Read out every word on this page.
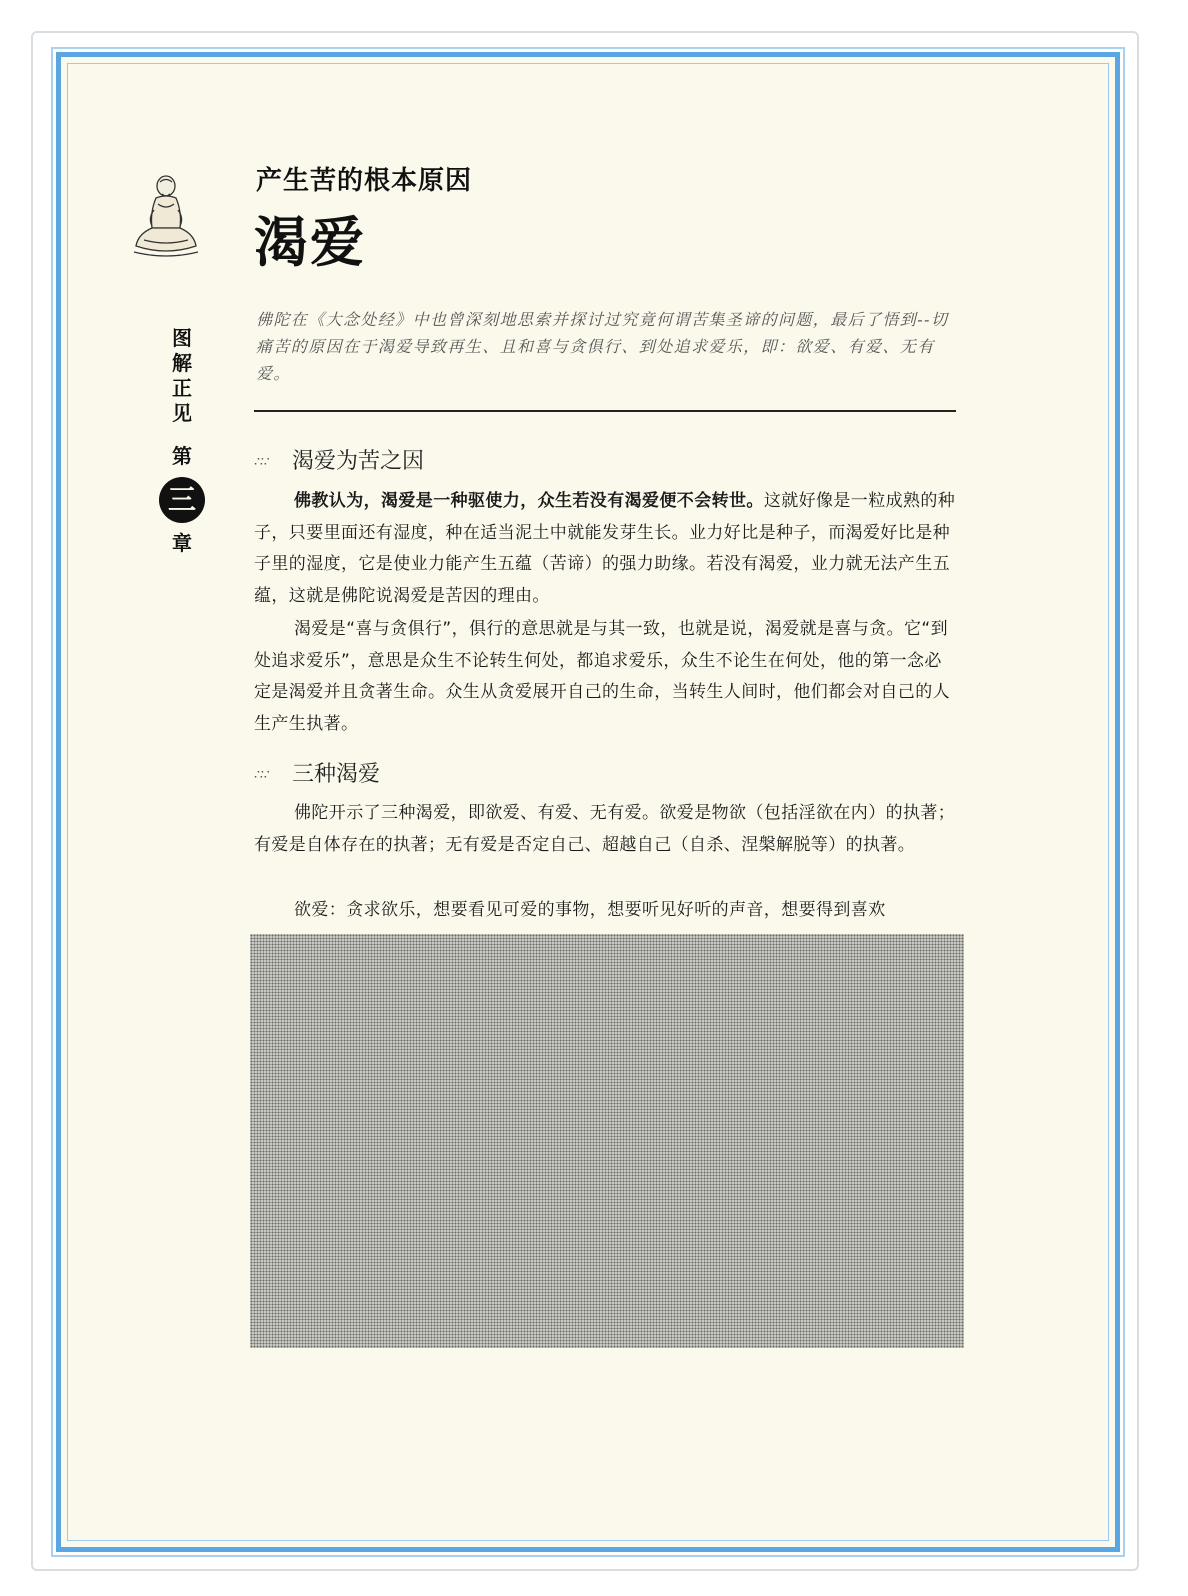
图
解
正
见
第
三
章
产生苦的根本原因
渴爱
佛陀在《大念处经》中也曾深刻地思索并探讨过究竟何谓苦集圣谛的问题，最后了悟到--切痛苦的原因在于渴爱导致再生、且和喜与贪俱行、到处追求爱乐，即：欲爱、有爱、无有爱。
∴∵ 渴爱为苦之因
佛教认为，渴爱是一种驱使力，众生若没有渴爱便不会转世。这就好像是一粒成熟的种子，只要里面还有湿度，种在适当泥土中就能发芽生长。业力好比是种子，而渴爱好比是种子里的湿度，它是使业力能产生五蕴（苦谛）的强力助缘。若没有渴爱，业力就无法产生五蕴，这就是佛陀说渴爱是苦因的理由。
渴爱是“喜与贪俱行”，俱行的意思就是与其一致，也就是说，渴爱就是喜与贪。它“到处追求爱乐”，意思是众生不论转生何处，都追求爱乐，众生不论生在何处，他的第一念必定是渴爱并且贪著生命。众生从贪爱展开自己的生命，当转生人间时，他们都会对自己的人生产生执著。
∴∵ 三种渴爱
佛陀开示了三种渴爱，即欲爱、有爱、无有爱。欲爱是物欲（包括淫欲在内）的执著；有爱是自体存在的执著；无有爱是否定自己、超越自己（自杀、涅槃解脱等）的执著。
欲爱：贪求欲乐，想要看见可爱的事物，想要听见好听的声音，想要得到喜欢
